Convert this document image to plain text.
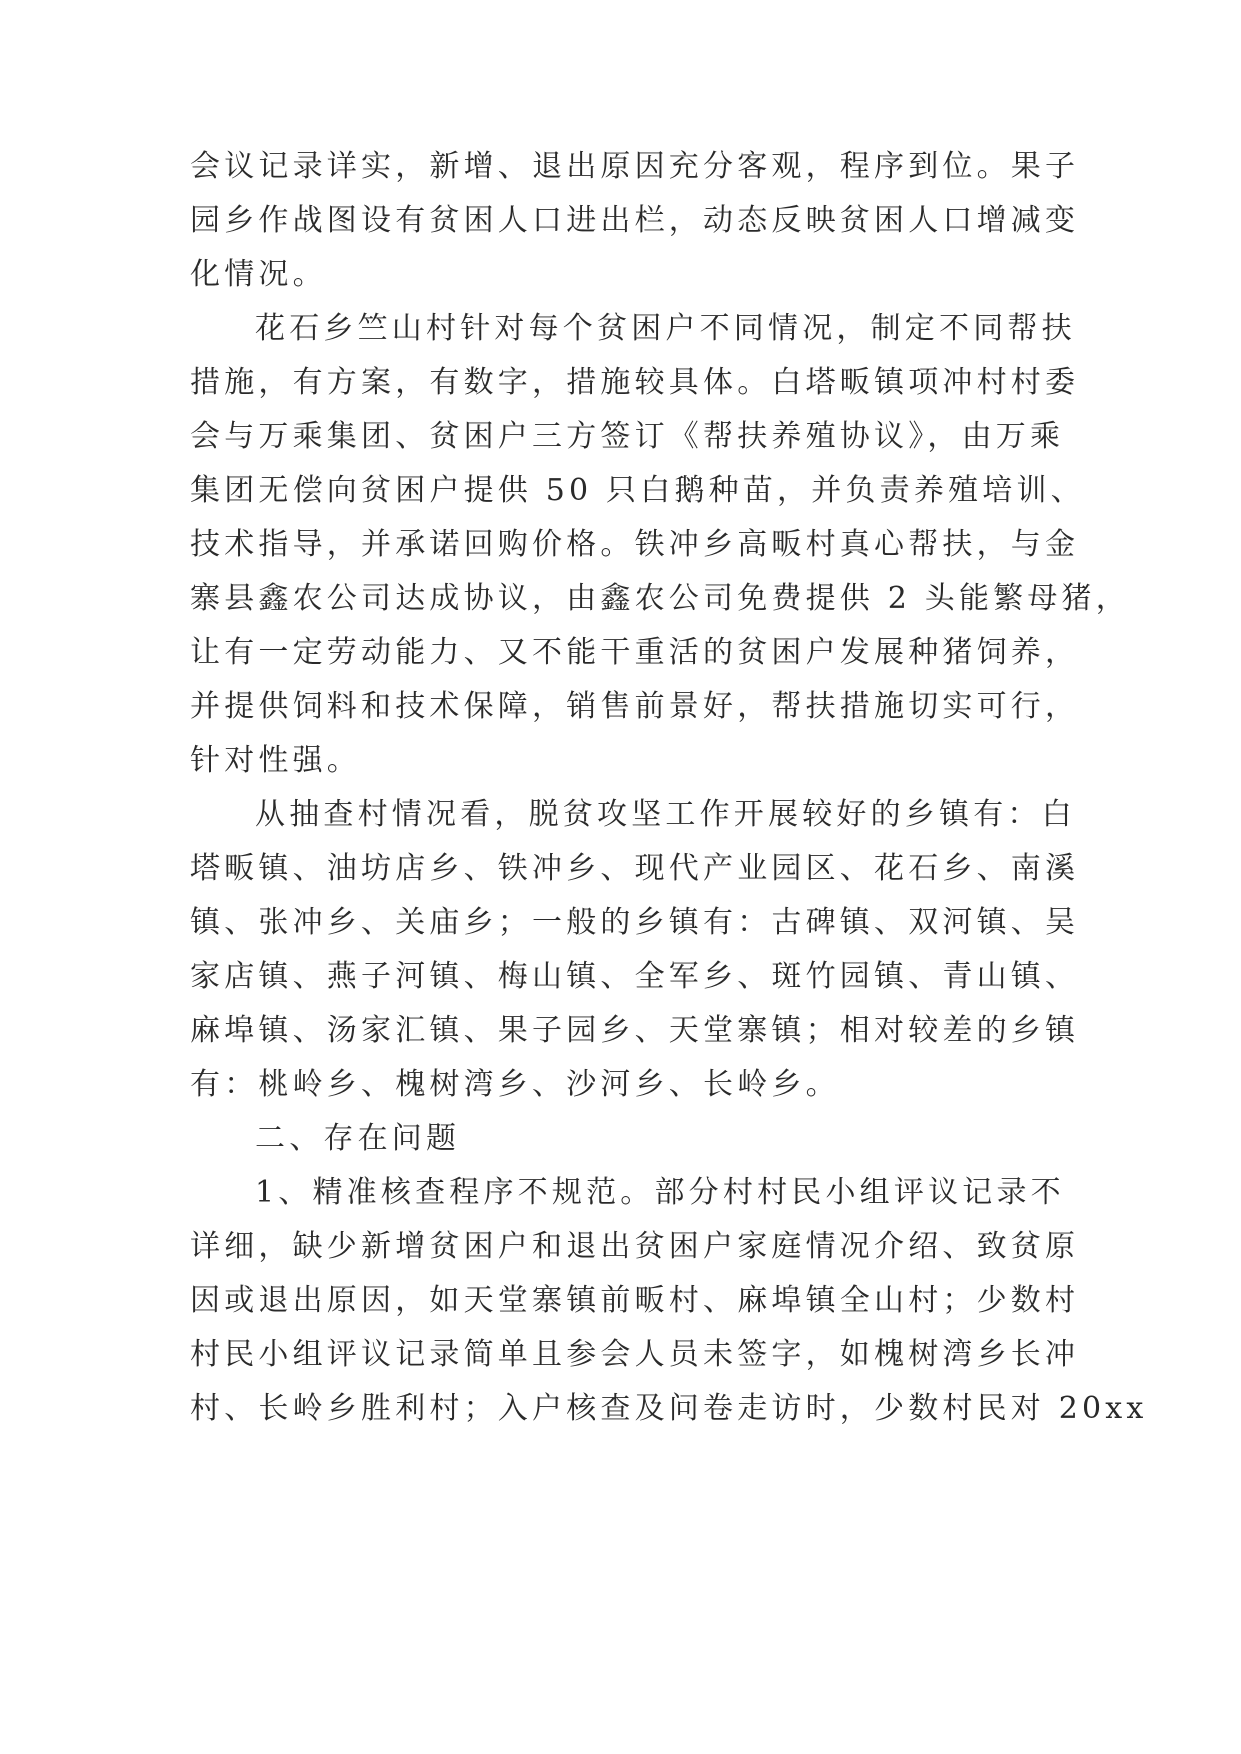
会议记录详实，新增、退出原因充分客观，程序到位。果子

园乡作战图设有贫困人口进出栏，动态反映贫困人口增减变

化情况。

花石乡竺山村针对每个贫困户不同情况，制定不同帮扶

措施，有方案，有数字，措施较具体。白塔畈镇项冲村村委

会与万乘集团、贫困户三方签订《帮扶养殖协议》，由万乘

集团无偿向贫困户提供 50 只白鹅种苗，并负责养殖培训、

技术指导，并承诺回购价格。铁冲乡高畈村真心帮扶，与金

寨县鑫农公司达成协议，由鑫农公司免费提供 2 头能繁母猪，

让有一定劳动能力、又不能干重活的贫困户发展种猪饲养，

并提供饲料和技术保障，销售前景好，帮扶措施切实可行，

针对性强。

从抽查村情况看，脱贫攻坚工作开展较好的乡镇有：白

塔畈镇、油坊店乡、铁冲乡、现代产业园区、花石乡、南溪

镇、张冲乡、关庙乡；一般的乡镇有：古碑镇、双河镇、吴

家店镇、燕子河镇、梅山镇、全军乡、斑竹园镇、青山镇、

麻埠镇、汤家汇镇、果子园乡、天堂寨镇；相对较差的乡镇

有：桃岭乡、槐树湾乡、沙河乡、长岭乡。

二、存在问题

1、精准核查程序不规范。部分村村民小组评议记录不

详细，缺少新增贫困户和退出贫困户家庭情况介绍、致贫原

因或退出原因，如天堂寨镇前畈村、麻埠镇全山村；少数村

村民小组评议记录简单且参会人员未签字，如槐树湾乡长冲

村、长岭乡胜利村；入户核查及问卷走访时，少数村民对 20xx
